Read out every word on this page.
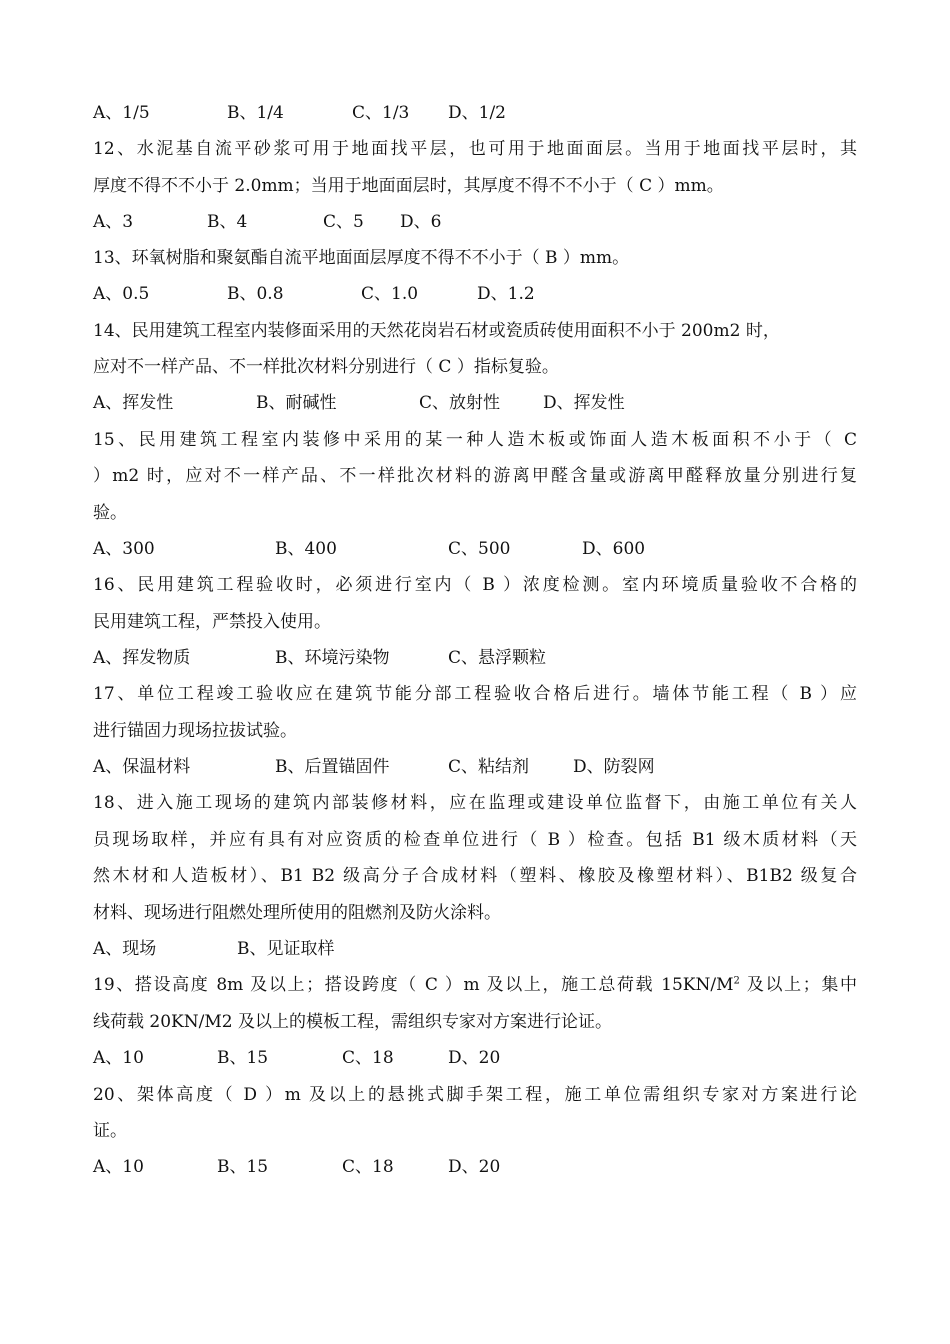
A、1/5	B、1/4	C、1/3 D、1/2
12、水泥基自流平砂浆可用于地面找平层，也可用于地面面层。当用于地面找平层时，其
厚度不得不不小于 2.0mm；当用于地面面层时，其厚度不得不不小于（ C ）mm。
A、3	B、4	C、5 D、6
13、环氧树脂和聚氨酯自流平地面面层厚度不得不不小于（ B ）mm。
A、0.5	B、0.8	C、1.0	D、1.2
14、民用建筑工程室内装修面采用的天然花岗岩石材或瓷质砖使用面积不小于 200m2 时，
应对不一样产品、不一样批次材料分别进行（ C ）指标复验。
A、挥发性	B、耐碱性	C、放射性	D、挥发性
15、民用建筑工程室内装修中采用的某一种人造木板或饰面人造木板面积不小于（ C
）m2 时，应对不一样产品、不一样批次材料的游离甲醛含量或游离甲醛释放量分别进行复
验。
A、300	B、400	C、500	D、600
16、民用建筑工程验收时，必须进行室内（ B ）浓度检测。室内环境质量验收不合格的
民用建筑工程，严禁投入使用。
A、挥发物质	B、环境污染物	C、悬浮颗粒
17、单位工程竣工验收应在建筑节能分部工程验收合格后进行。墙体节能工程（ B ）应
进行锚固力现场拉拔试验。
A、保温材料	B、后置锚固件	C、粘结剂	D、防裂网
18、进入施工现场的建筑内部装修材料，应在监理或建设单位监督下，由施工单位有关人
员现场取样，并应有具有对应资质的检查单位进行（ B ）检查。包括 B1 级木质材料（天
然木材和人造板材）、B1 B2 级高分子合成材料（塑料、橡胶及橡塑材料）、B1B2 级复合
材料、现场进行阻燃处理所使用的阻燃剂及防火涂料。
A、现场	B、见证取样
19、搭设高度 8m 及以上；搭设跨度（ C ）m 及以上，施工总荷载 $15KN/M^2$ 及以上；集中
线荷载 20KN/M2 及以上的模板工程，需组织专家对方案进行论证。
A、10	B、15	C、18	D、20
20、架体高度（ D ）m 及以上的悬挑式脚手架工程，施工单位需组织专家对方案进行论
证。
A、10	B、15	C、18	D、20
